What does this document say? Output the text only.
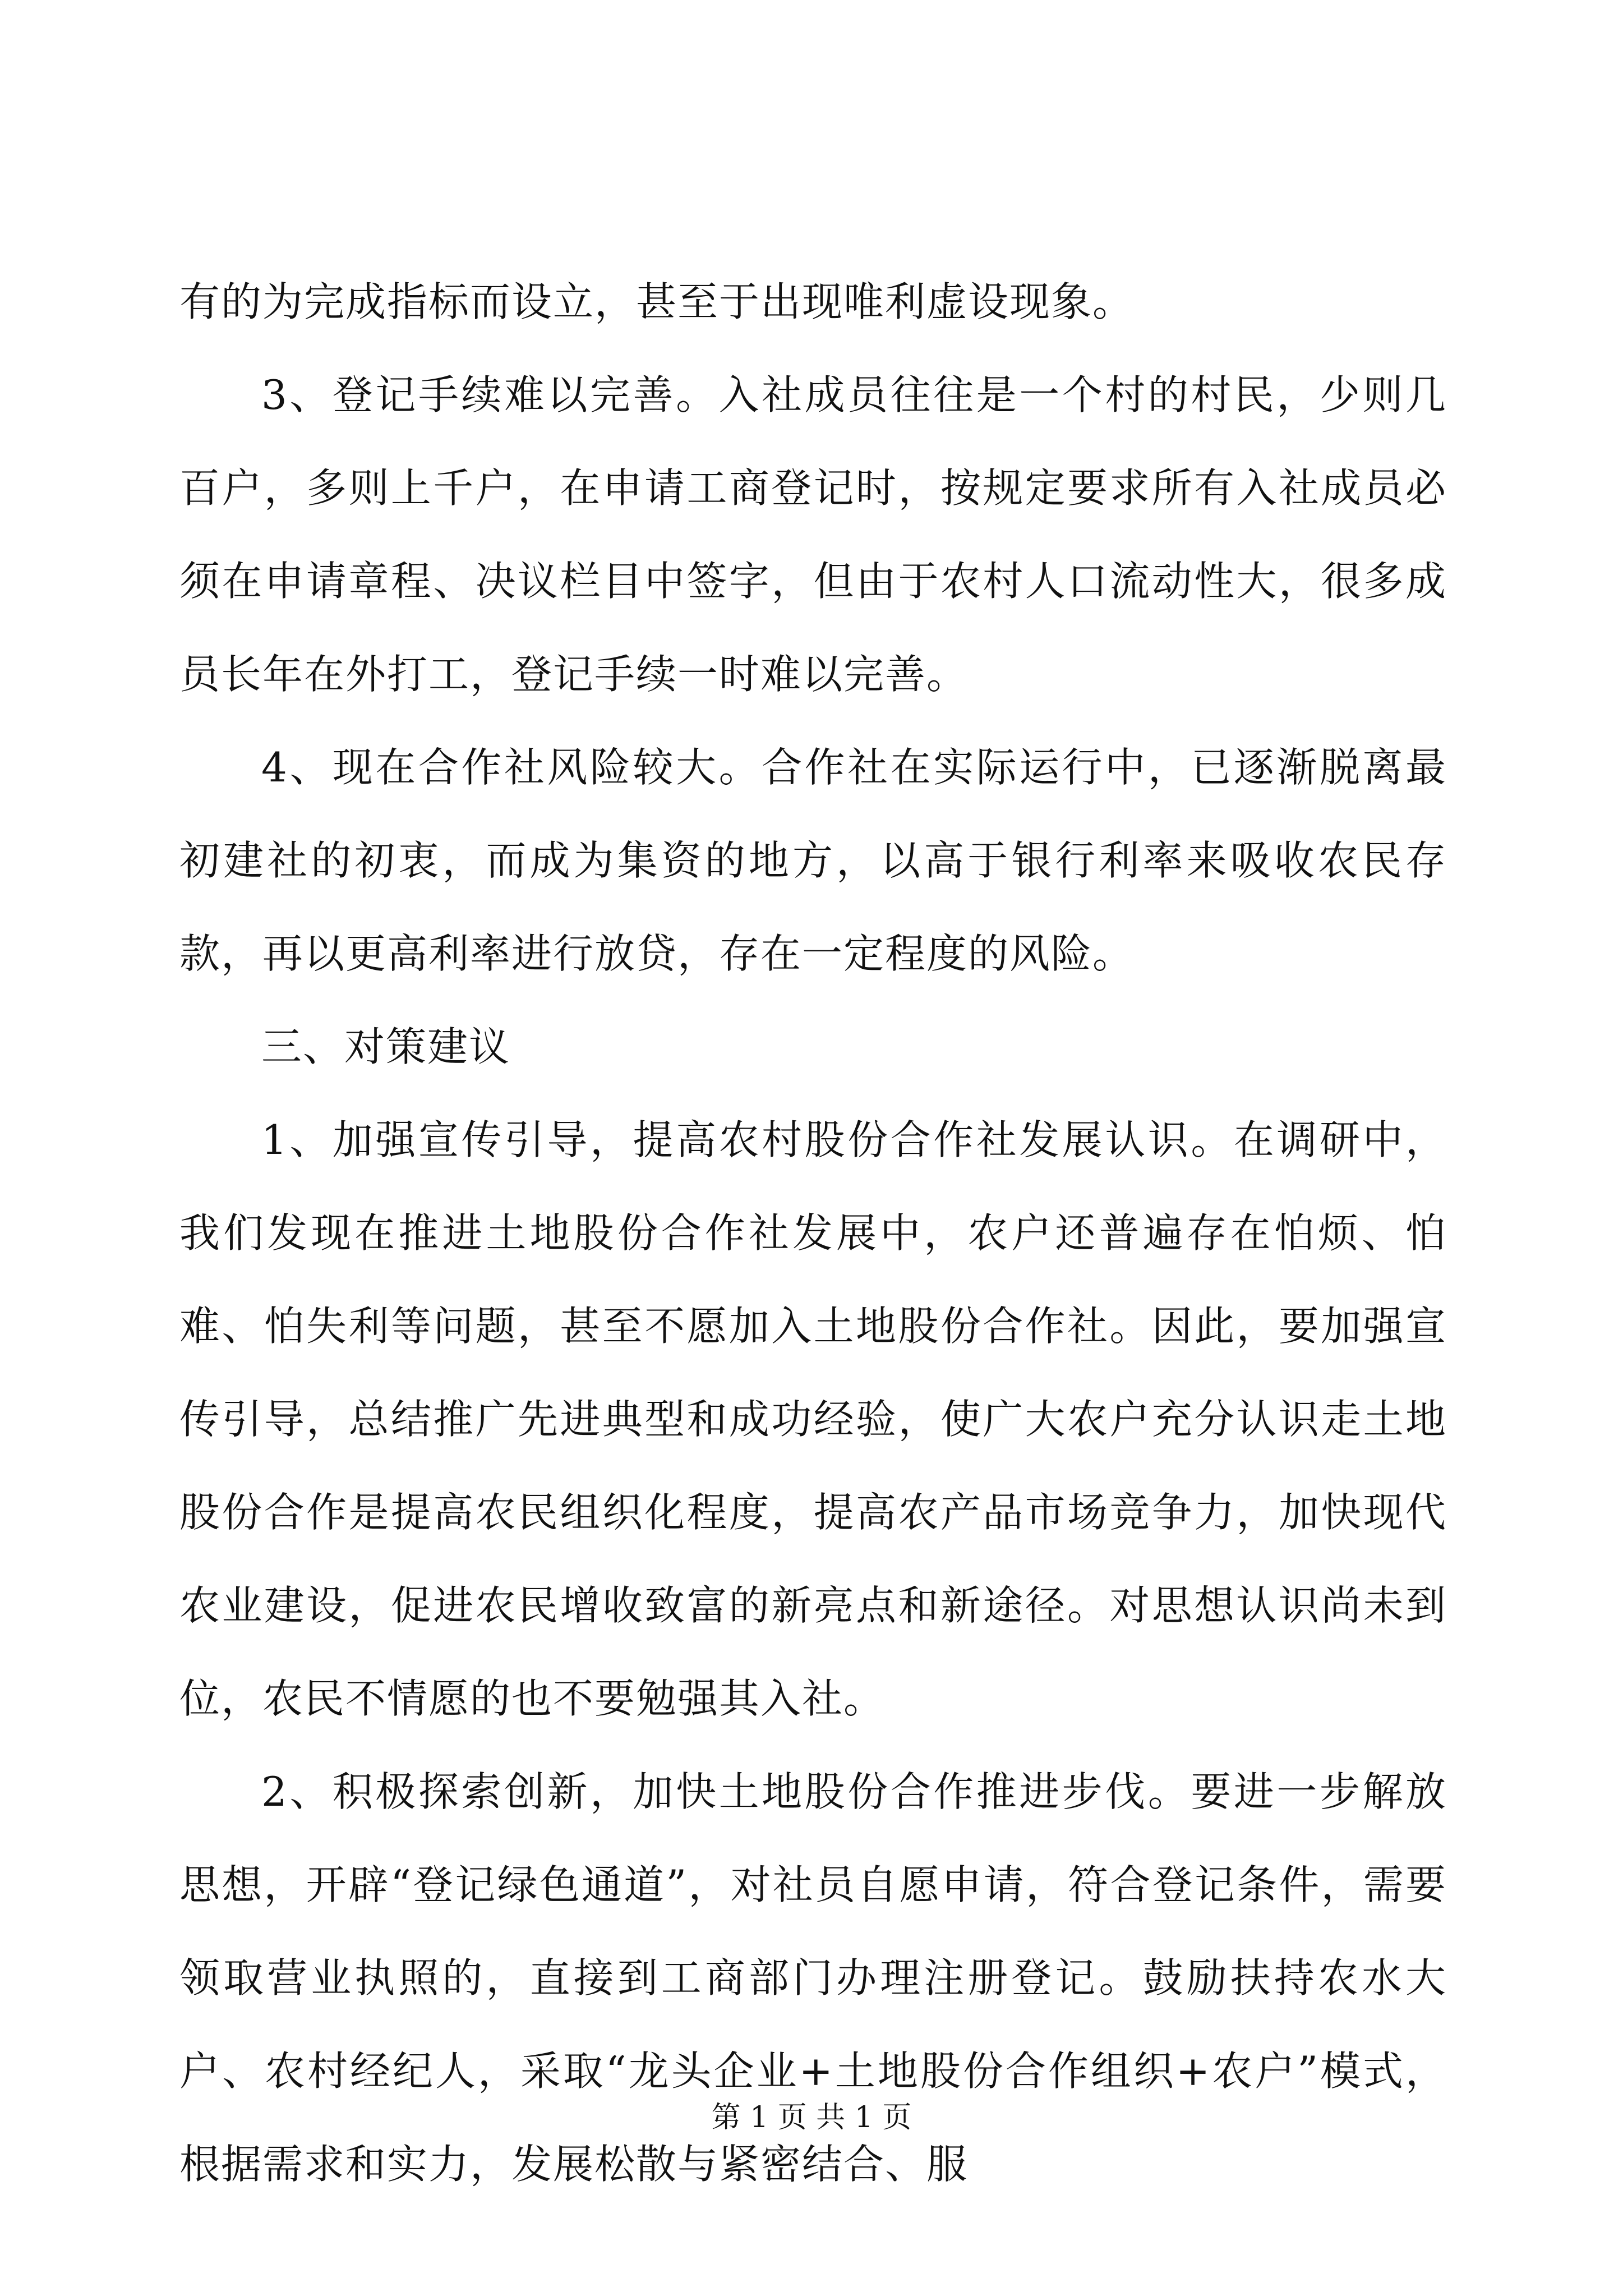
有的为完成指标而设立，甚至于出现唯利虚设现象。

3、登记手续难以完善。入社成员往往是一个村的村民，少则几百户，多则上千户，在申请工商登记时，按规定要求所有入社成员必须在申请章程、决议栏目中签字，但由于农村人口流动性大，很多成员长年在外打工，登记手续一时难以完善。

4、现在合作社风险较大。合作社在实际运行中，已逐渐脱离最初建社的初衷，而成为集资的地方，以高于银行利率来吸收农民存款，再以更高利率进行放贷，存在一定程度的风险。

三、对策建议

1、加强宣传引导，提高农村股份合作社发展认识。在调研中，我们发现在推进土地股份合作社发展中，农户还普遍存在怕烦、怕难、怕失利等问题，甚至不愿加入土地股份合作社。因此，要加强宣传引导，总结推广先进典型和成功经验，使广大农户充分认识走土地股份合作是提高农民组织化程度，提高农产品市场竞争力，加快现代农业建设，促进农民增收致富的新亮点和新途径。对思想认识尚未到位，农民不情愿的也不要勉强其入社。

2、积极探索创新，加快土地股份合作推进步伐。要进一步解放思想，开辟“登记绿色通道”，对社员自愿申请，符合登记条件，需要领取营业执照的，直接到工商部门办理注册登记。鼓励扶持农水大户、农村经纪人，采取“龙头企业+土地股份合作组织+农户”模式，根据需求和实力，发展松散与紧密结合、服

第 1 页 共 1 页
